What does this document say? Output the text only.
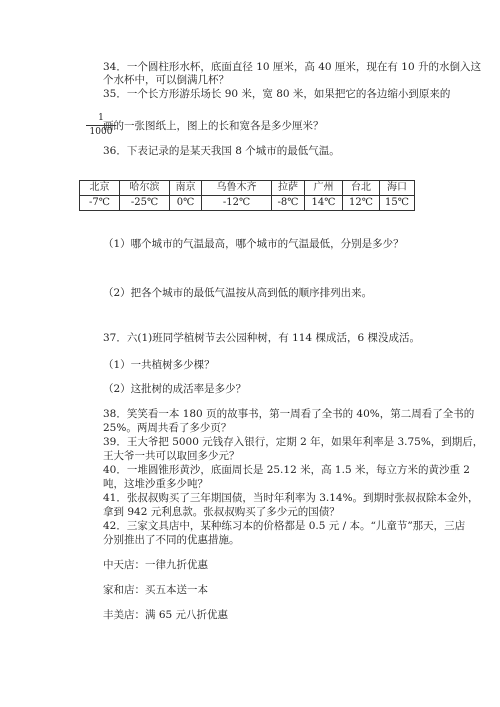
34．一个圆柱形水杯，底面直径 10 厘米，高 40 厘米，现在有 10 升的水倒入这

个水杯中，可以倒满几杯？

35．一个长方形游乐场长 90 米，宽 80 米，如果把它的各边缩小到原来的

画的一张图纸上，图上的长和宽各是多少厘米？

36．下表记录的是某天我国 8 个城市的最低气温。

（1）哪个城市的气温最高，哪个城市的气温最低，分别是多少？

（2）把各个城市的最低气温按从高到低的顺序排列出来。

37．六(1)班同学植树节去公园种树，有 114 棵成活，6 棵没成活。

（1）一共植树多少棵？

（2）这批树的成活率是多少？

38．笑笑看一本 180 页的故事书，第一周看了全书的 40%，第二周看了全书的

25%。两周共看了多少页？

39．王大爷把 5000 元钱存入银行，定期 2 年，如果年利率是 3.75%，到期后，

王大爷一共可以取回多少元？

40．一堆圆锥形黄沙，底面周长是 25.12 米，高 1.5 米，每立方米的黄沙重 2

吨，这堆沙重多少吨？

41．张叔叔购买了三年期国债，当时年利率为 3.14%。到期时张叔叔除本金外，

拿到 942 元利息款。张叔叔购买了多少元的国债？

42．三家文具店中，某种练习本的价格都是 0.5 元 / 本。“儿童节”那天，三店

分别推出了不同的优惠措施。

中天店：一律九折优惠

家和店：买五本送一本

丰美店：满 65 元八折优惠

1
1000
北京	哈尔滨	南京	乌鲁木齐	拉萨	广州	台北	海口
-7℃	-25℃	0℃	-12℃	-8℃	14℃	12℃	15℃
